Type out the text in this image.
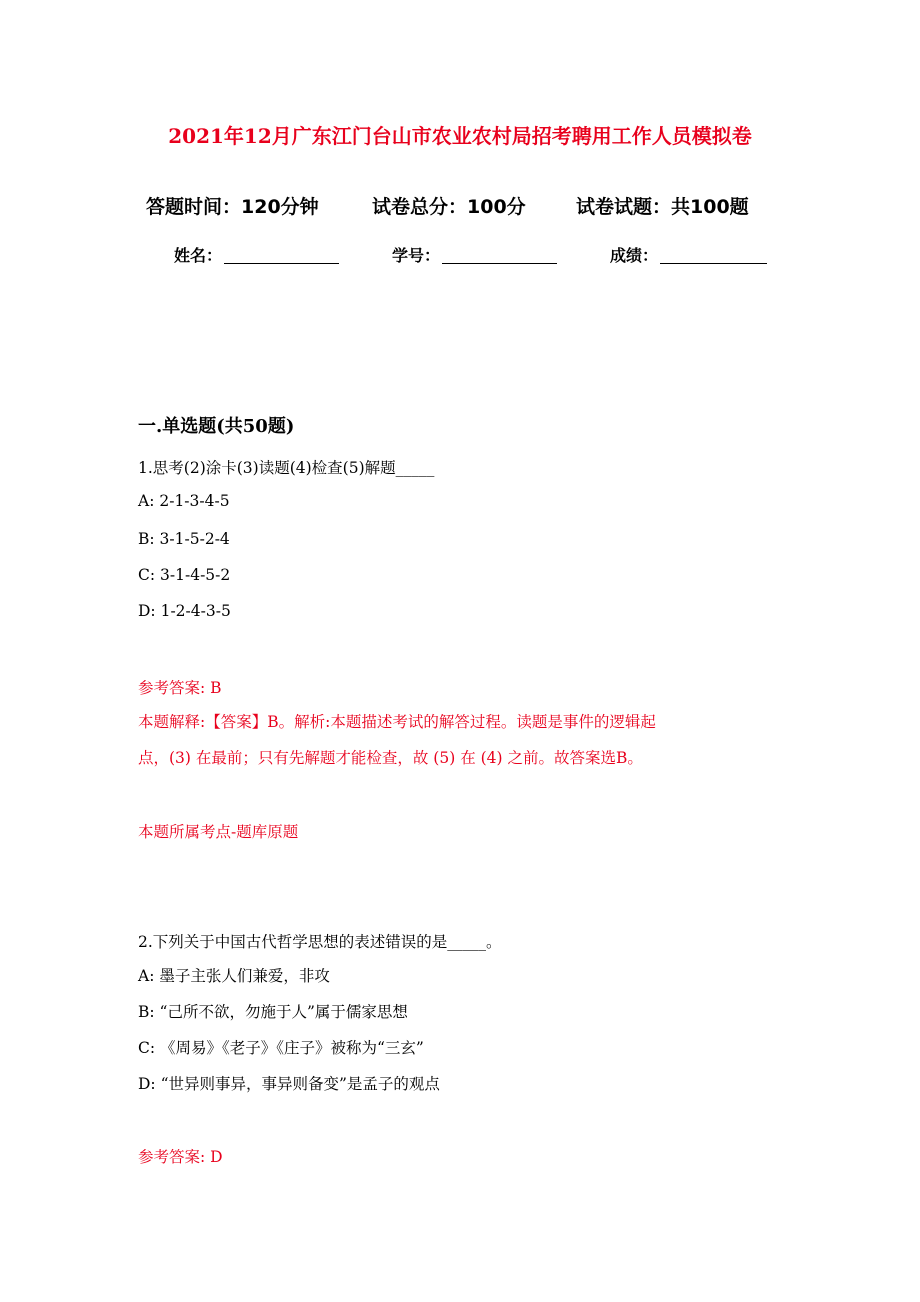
2021年12月广东江门台山市农业农村局招考聘用工作人员模拟卷
答题时间：120分钟	试卷总分：100分	试卷试题：共100题
姓名：	学号：	成绩：
一.单选题(共50题)
1.思考(2)涂卡(3)读题(4)检查(5)解题_____
A: 2-1-3-4-5
B: 3-1-5-2-4
C: 3-1-4-5-2
D: 1-2-4-3-5
参考答案: B
本题解释:【答案】B。解析:本题描述考试的解答过程。读题是事件的逻辑起
点，(3) 在最前；只有先解题才能检查，故 (5) 在 (4) 之前。故答案选B。
本题所属考点-题库原题
2.下列关于中国古代哲学思想的表述错误的是_____。
A: 墨子主张人们兼爱，非攻
B: “己所不欲，勿施于人”属于儒家思想
C: 《周易》《老子》《庄子》被称为“三玄”
D: “世异则事异，事异则备变”是孟子的观点
参考答案: D
